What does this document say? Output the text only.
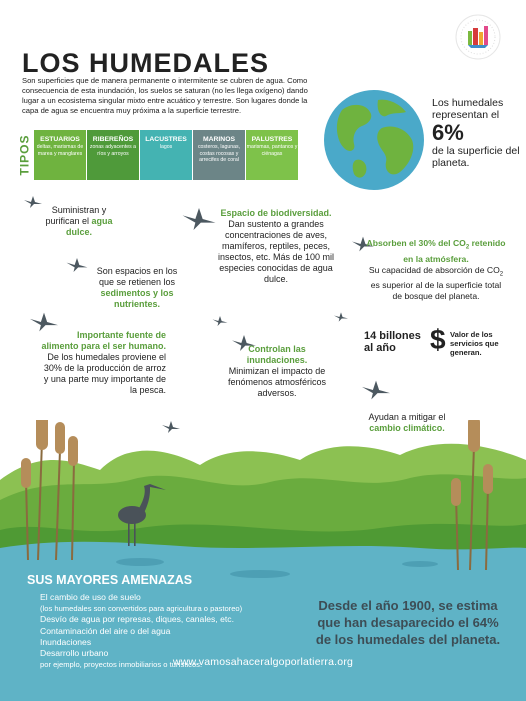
LOS HUMEDALES
Son superficies que de manera permanente o intermitente se cubren de agua. Como consecuencia de esta inundación, los suelos se saturan (no les llega oxígeno) dando lugar a un ecosistema singular mixto entre acuático y terrestre. Son lugares donde la capa de agua se encuentra muy próxima a la superficie terrestre.
TIPOS	ESTUARIOS
deltas, marismas de marea y manglares
RIBEREÑOS
zonas adyacentes a ríos y arroyos
LACUSTRES
lagos
MARINOS
costeros, lagunas, costas rocosas y arrecifes de coral
PALUSTRES
marismas, pantanos y ciénagas
Los humedales representan el
6%
de la superficie del planeta.
Suministran y purifican el agua dulce.
Espacio de biodiversidad.
Dan sustento a grandes concentraciones de aves, mamíferos, reptiles, peces, insectos, etc. Más de 100 mil especies conocidas de agua dulce.
Absorben el 30% del $CO_2$ retenido en la atmósfera.
Su capacidad de absorción de $CO_2$ es superior al de la superficie total de bosque del planeta.
Son espacios en los que se retienen los sedimentos y los nutrientes.
Importante fuente de alimento para el ser humano.
De los humedales proviene el 30% de la producción de arroz y una parte muy importante de la pesca.
Controlan las inundaciones.
Minimizan el impacto de fenómenos atmosféricos adversos.
14 billones
al año	$ Valor de los servicios que generan.
Ayudan a mitigar el cambio climático.
SUS MAYORES AMENAZAS
El cambio de uso de suelo
(los humedales son convertidos para agricultura o pastoreo)
Desvío de agua por represas, diques, canales, etc.
Contaminación del aire o del agua
Inundaciones
Desarrollo urbano
por ejemplo, proyectos inmobiliarios o turísticos.
Desde el año 1900, se estima que han desaparecido el 64% de los humedales del planeta.
www.vamosahaceralgoporlatierra.org
